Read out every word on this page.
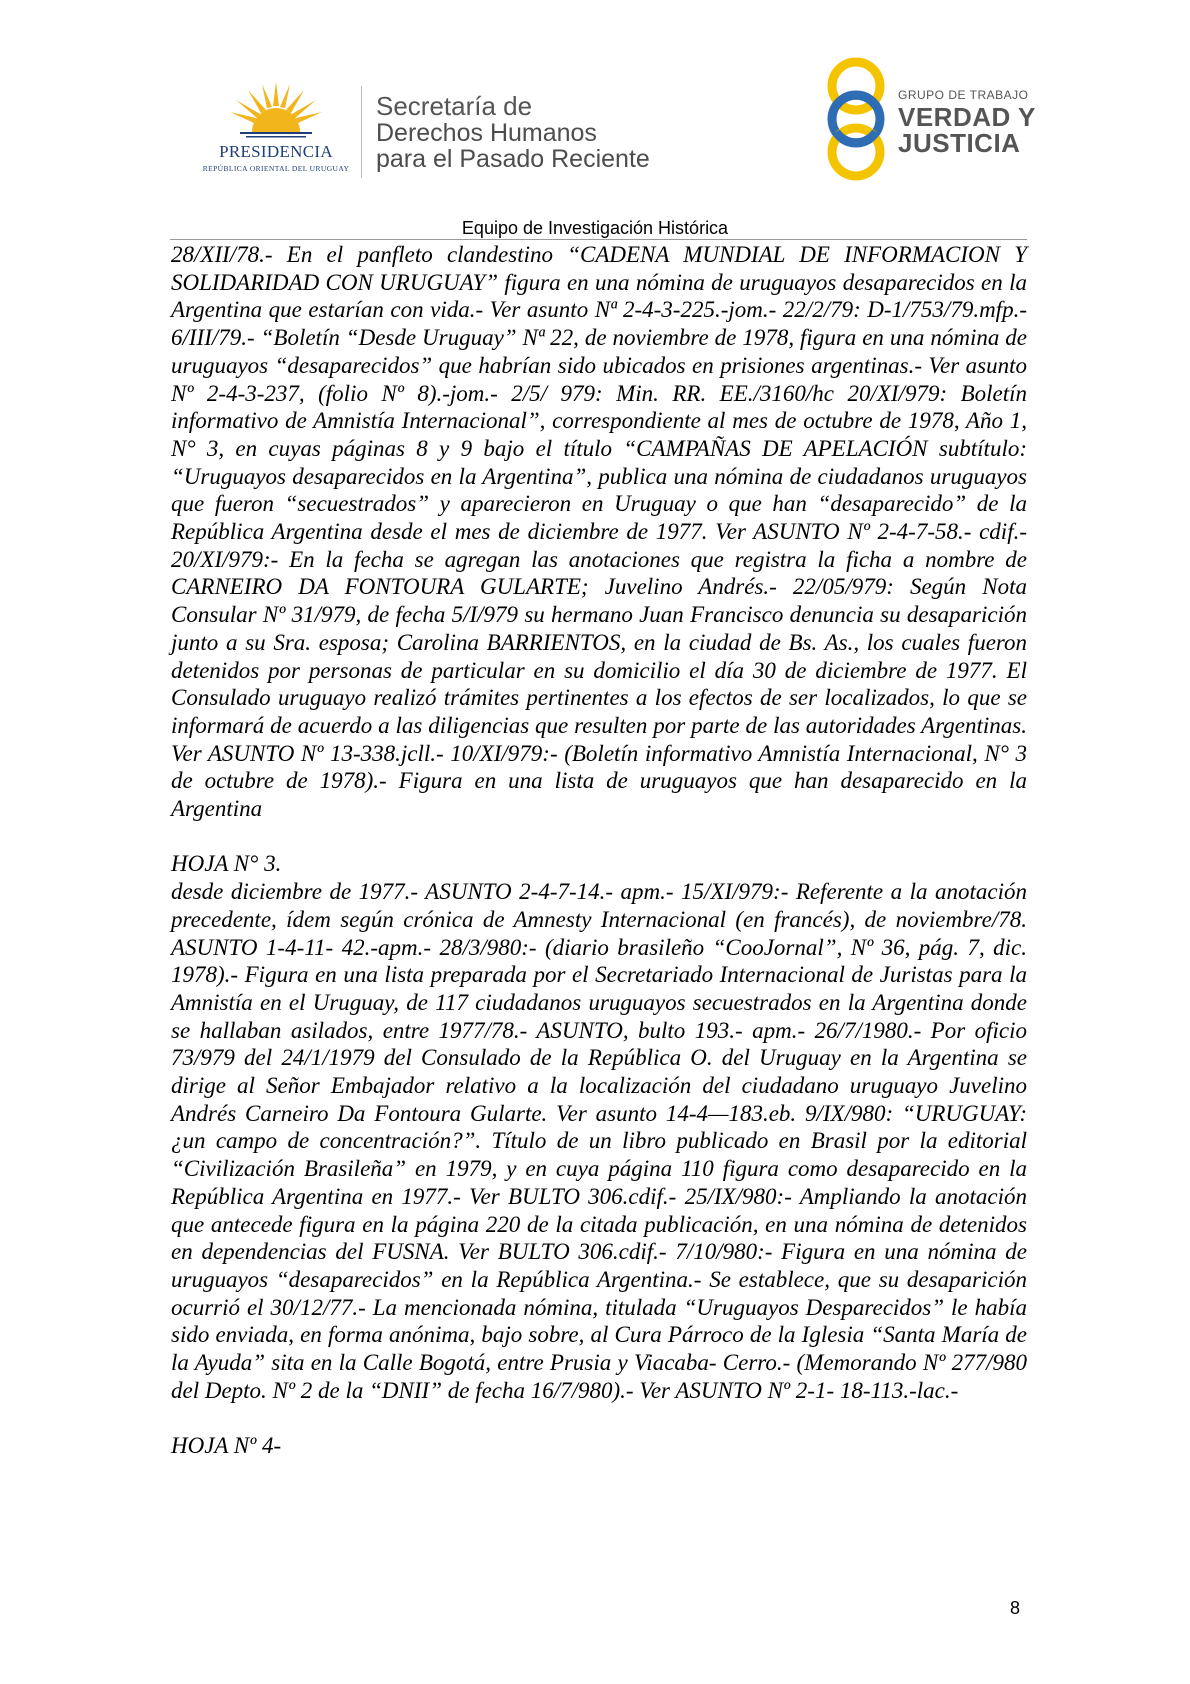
PRESIDENCIA
REPÚBLICA ORIENTAL DEL URUGUAY
Secretaría de
Derechos Humanos
para el Pasado Reciente
GRUPO DE TRABAJO
VERDAD Y
JUSTICIA
Equipo de Investigación Histórica

28/XII/78.- En el panfleto clandestino “CADENA MUNDIAL DE INFORMACION Y SOLIDARIDAD CON URUGUAY” figura en una nómina de uruguayos desaparecidos en la Argentina que estarían con vida.- Ver asunto Nª 2-4-3-225.-jom.- 22/2/79: D-1/753/79.mfp.- 6/III/79.- “Boletín “Desde Uruguay” Nª 22, de noviembre de 1978, figura en una nómina de uruguayos “desaparecidos” que habrían sido ubicados en prisiones argentinas.- Ver asunto Nº 2-4-3-237, (folio Nº 8).-jom.- 2/5/ 979: Min. RR. EE./3160/hc 20/XI/979: Boletín informativo de Amnistía Internacional”, correspondiente al mes de octubre de 1978, Año 1, N° 3, en cuyas páginas 8 y 9 bajo el título “CAMPAÑAS DE APELACIÓN subtítulo: “Uruguayos desaparecidos en la Argentina”, publica una nómina de ciudadanos uruguayos que fueron “secuestrados” y aparecieron en Uruguay o que han “desaparecido” de la República Argentina desde el mes de diciembre de 1977. Ver ASUNTO Nº 2-4-7-58.- cdif.- 20/XI/979:- En la fecha se agregan las anotaciones que registra la ficha a nombre de CARNEIRO DA FONTOURA GULARTE; Juvelino Andrés.- 22/05/979: Según Nota Consular Nº 31/979, de fecha 5/I/979 su hermano Juan Francisco denuncia su desaparición junto a su Sra. esposa; Carolina BARRIENTOS, en la ciudad de Bs. As., los cuales fueron detenidos por personas de particular en su domicilio el día 30 de diciembre de 1977. El Consulado uruguayo realizó trámites pertinentes a los efectos de ser localizados, lo que se informará de acuerdo a las diligencias que resulten por parte de las autoridades Argentinas. Ver ASUNTO Nº 13-338.jcll.- 10/XI/979:- (Boletín informativo Amnistía Internacional, N° 3 de octubre de 1978).- Figura en una lista de uruguayos que han desaparecido en la Argentina

HOJA N° 3.

desde diciembre de 1977.- ASUNTO 2-4-7-14.- apm.- 15/XI/979:- Referente a la anotación precedente, ídem según crónica de Amnesty Internacional (en francés), de noviembre/78. ASUNTO 1-4-11- 42.-apm.- 28/3/980:- (diario brasileño “CooJornal”, Nº 36, pág. 7, dic. 1978).- Figura en una lista preparada por el Secretariado Internacional de Juristas para la Amnistía en el Uruguay, de 117 ciudadanos uruguayos secuestrados en la Argentina donde se hallaban asilados, entre 1977/78.- ASUNTO, bulto 193.- apm.- 26/7/1980.- Por oficio 73/979 del 24/1/1979 del Consulado de la República O. del Uruguay en la Argentina se dirige al Señor Embajador relativo a la localización del ciudadano uruguayo Juvelino Andrés Carneiro Da Fontoura Gularte. Ver asunto 14-4—183.eb. 9/IX/980: “URUGUAY: ¿un campo de concentración?”. Título de un libro publicado en Brasil por la editorial “Civilización Brasileña” en 1979, y en cuya página 110 figura como desaparecido en la República Argentina en 1977.- Ver BULTO 306.cdif.- 25/IX/980:- Ampliando la anotación que antecede figura en la página 220 de la citada publicación, en una nómina de detenidos en dependencias del FUSNA. Ver BULTO 306.cdif.- 7/10/980:- Figura en una nómina de uruguayos “desaparecidos” en la República Argentina.- Se establece, que su desaparición ocurrió el 30/12/77.- La mencionada nómina, titulada “Uruguayos Desparecidos” le había sido enviada, en forma anónima, bajo sobre, al Cura Párroco de la Iglesia “Santa María de la Ayuda” sita en la Calle Bogotá, entre Prusia y Viacaba- Cerro.- (Memorando Nº 277/980 del Depto. Nº 2 de la “DNII” de fecha 16/7/980).- Ver ASUNTO Nº 2-1- 18-113.-lac.-

HOJA Nº 4-

8
